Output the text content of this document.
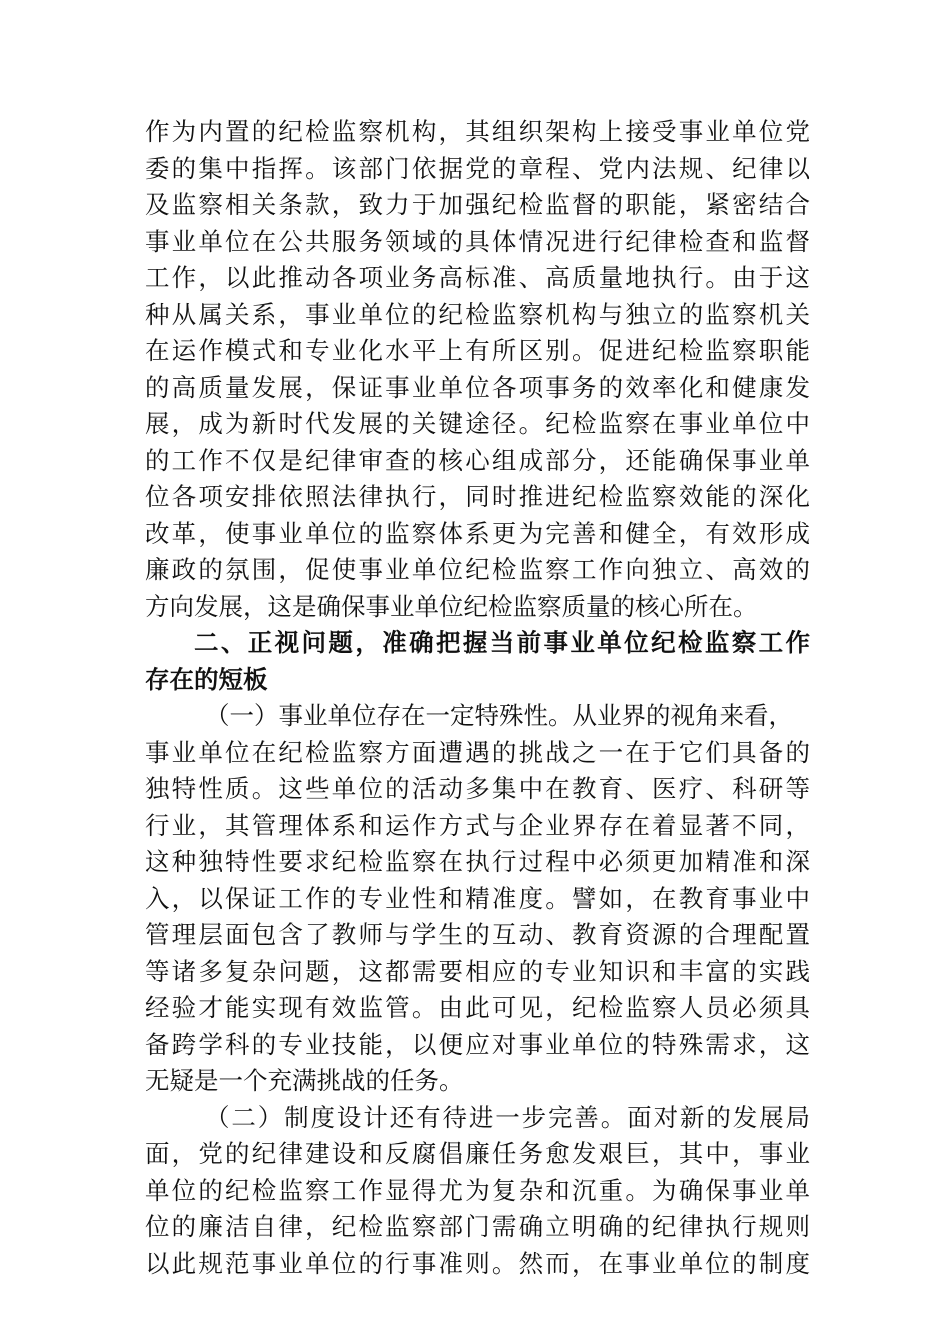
作为内置的纪检监察机构，其组织架构上接受事业单位党
委的集中指挥。该部门依据党的章程、党内法规、纪律以
及监察相关条款，致力于加强纪检监督的职能，紧密结合
事业单位在公共服务领域的具体情况进行纪律检查和监督
工作，以此推动各项业务高标准、高质量地执行。由于这
种从属关系，事业单位的纪检监察机构与独立的监察机关
在运作模式和专业化水平上有所区别。促进纪检监察职能
的高质量发展，保证事业单位各项事务的效率化和健康发
展，成为新时代发展的关键途径。纪检监察在事业单位中
的工作不仅是纪律审查的核心组成部分，还能确保事业单
位各项安排依照法律执行，同时推进纪检监察效能的深化
改革，使事业单位的监察体系更为完善和健全，有效形成
廉政的氛围，促使事业单位纪检监察工作向独立、高效的
方向发展，这是确保事业单位纪检监察质量的核心所在。
二、正视问题，准确把握当前事业单位纪检监察工作
存在的短板
（一）事业单位存在一定特殊性。从业界的视角来看，
事业单位在纪检监察方面遭遇的挑战之一在于它们具备的
独特性质。这些单位的活动多集中在教育、医疗、科研等
行业，其管理体系和运作方式与企业界存在着显著不同，
这种独特性要求纪检监察在执行过程中必须更加精准和深
入，以保证工作的专业性和精准度。譬如，在教育事业中
管理层面包含了教师与学生的互动、教育资源的合理配置
等诸多复杂问题，这都需要相应的专业知识和丰富的实践
经验才能实现有效监管。由此可见，纪检监察人员必须具
备跨学科的专业技能，以便应对事业单位的特殊需求，这
无疑是一个充满挑战的任务。
（二）制度设计还有待进一步完善。面对新的发展局
面，党的纪律建设和反腐倡廉任务愈发艰巨，其中，事业
单位的纪检监察工作显得尤为复杂和沉重。为确保事业单
位的廉洁自律，纪检监察部门需确立明确的纪律执行规则
以此规范事业单位的行事准则。然而，在事业单位的制度
